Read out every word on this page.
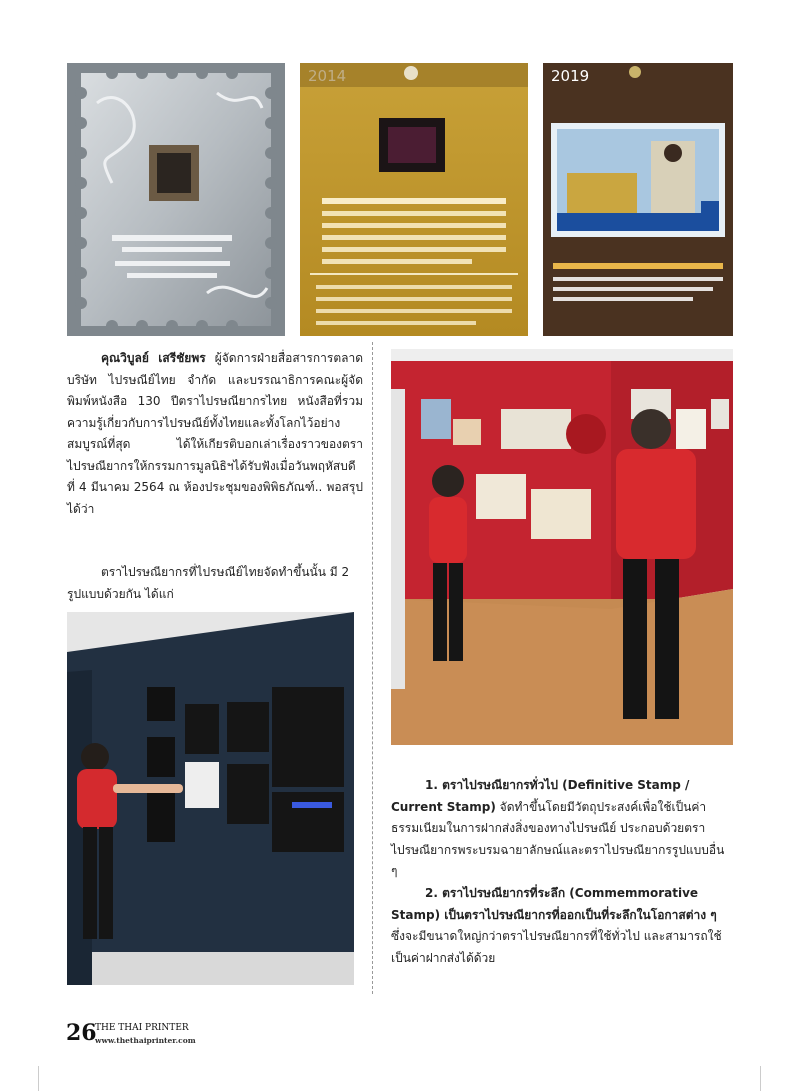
2019
คุณวิบูลย์ เสรีชัยพร ผู้จัดการฝ่ายสื่อสารการตลาด บริษัท ไปรษณีย์ไทย จำกัด และบรรณาธิการคณะผู้จัดพิมพ์หนังสือ 130 ปีตราไปรษณียากรไทย หนังสือที่รวมความรู้เกี่ยวกับการไปรษณีย์ทั้งไทยและทั้งโลกไว้อย่างสมบูรณ์ที่สุด ได้ให้เกียรติบอกเล่าเรื่องราวของตราไปรษณียากรให้กรรมการมูลนิธิฯได้รับฟังเมื่อวันพฤหัสบดีที่ 4 มีนาคม 2564 ณ ห้องประชุมของพิพิธภัณฑ์.. พอสรุปได้ว่า
ตราไปรษณียากรที่ไปรษณีย์ไทยจัดทำขึ้นนั้น มี 2 รูปแบบด้วยกัน ได้แก่
1. ตราไปรษณียากรทั่วไป (Definitive Stamp / Current Stamp) จัดทำขึ้นโดยมีวัตถุประสงค์เพื่อใช้เป็นค่าธรรมเนียมในการฝากส่งสิ่งของทางไปรษณีย์ ประกอบด้วยตราไปรษณียากรพระบรมฉายาลักษณ์และตราไปรษณียากรรูปแบบอื่น ๆ
2. ตราไปรษณียากรที่ระลึก (Commemmorative Stamp) เป็นตราไปรษณียากรที่ออกเป็นที่ระลึกในโอกาสต่าง ๆ ซึ่งจะมีขนาดใหญ่กว่าตราไปรษณียากรที่ใช้ทั่วไป และสามารถใช้เป็นค่าฝากส่งได้ด้วย
26
THE THAI PRINTER
www.thethaiprinter.com
